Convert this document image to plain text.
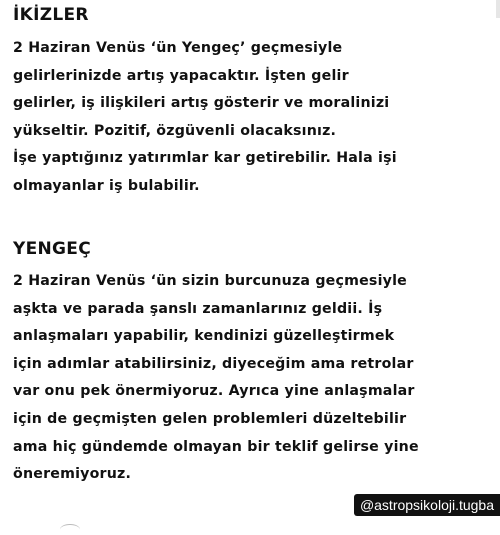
İKİZLER

2 Haziran Venüs ‘ün Yengeç’ geçmesiyle
gelirlerinizde artış yapacaktır. İşten gelir
gelirler, iş ilişkileri artış gösterir ve moralinizi
yükseltir. Pozitif, özgüvenli olacaksınız.
İşe yaptığınız yatırımlar kar getirebilir. Hala işi
olmayanlar iş bulabilir.

YENGEÇ

2 Haziran Venüs ‘ün sizin burcunuza geçmesiyle
aşkta ve parada şanslı zamanlarınız geldii. İş
anlaşmaları yapabilir, kendinizi güzelleştirmek
için adımlar atabilirsiniz, diyeceğim ama retrolar
var onu pek önermiyoruz. Ayrıca yine anlaşmalar
için de geçmişten gelen problemleri düzeltebilir
ama hiç gündemde olmayan bir teklif gelirse yine
öneremiyoruz.

@astropsikoloji.tugba
